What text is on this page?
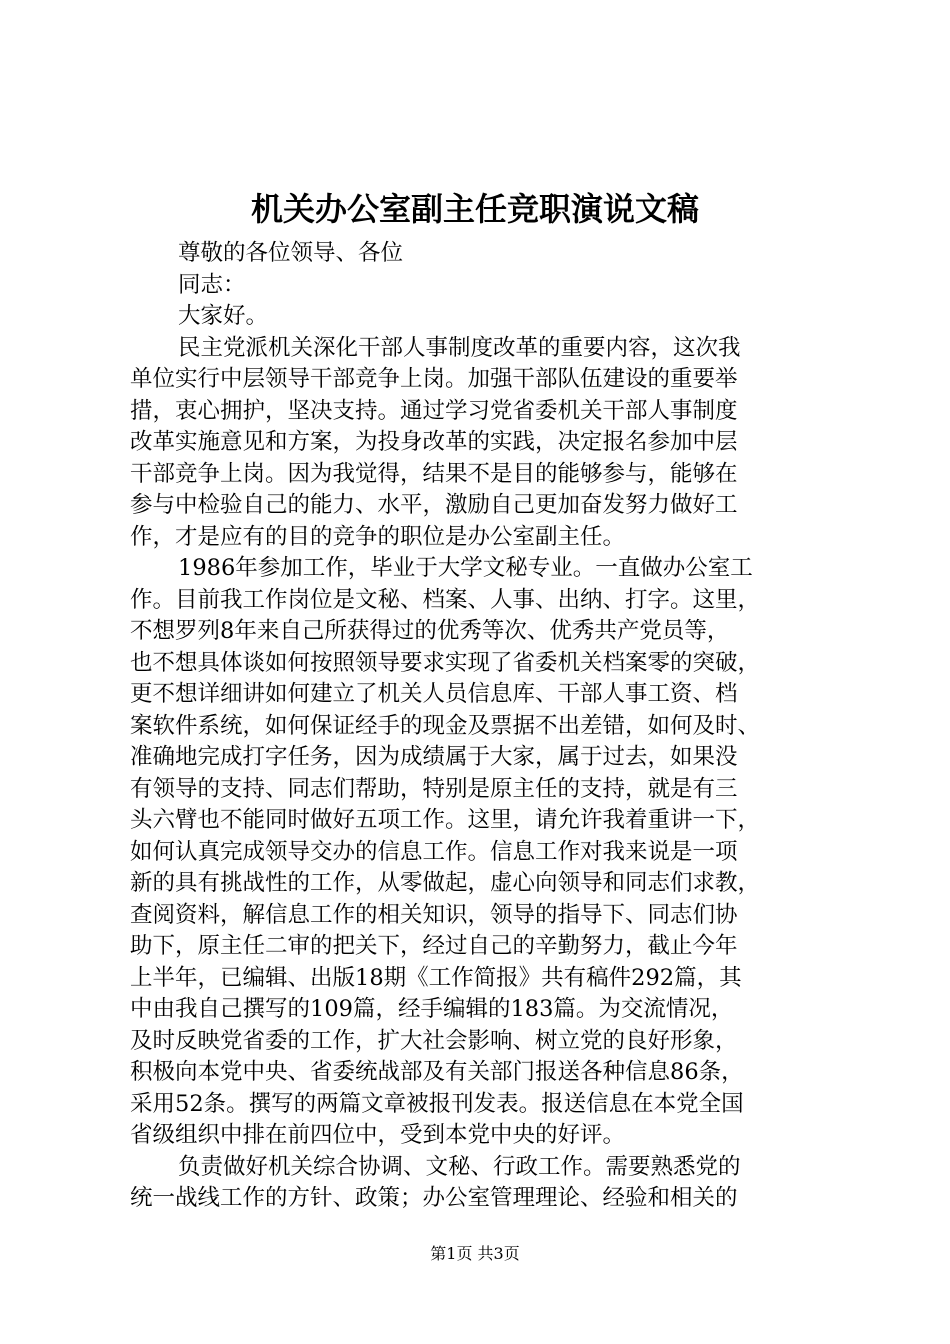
机关办公室副主任竞职演说文稿
尊敬的各位领导、各位
同志：
大家好。
民主党派机关深化干部人事制度改革的重要内容，这次我
单位实行中层领导干部竞争上岗。加强干部队伍建设的重要举
措，衷心拥护，坚决支持。通过学习党省委机关干部人事制度
改革实施意见和方案，为投身改革的实践，决定报名参加中层
干部竞争上岗。因为我觉得，结果不是目的能够参与，能够在
参与中检验自己的能力、水平，激励自己更加奋发努力做好工
作，才是应有的目的竞争的职位是办公室副主任。
1986年参加工作，毕业于大学文秘专业。一直做办公室工
作。目前我工作岗位是文秘、档案、人事、出纳、打字。这里，
不想罗列8年来自己所获得过的优秀等次、优秀共产党员等，
也不想具体谈如何按照领导要求实现了省委机关档案零的突破，
更不想详细讲如何建立了机关人员信息库、干部人事工资、档
案软件系统，如何保证经手的现金及票据不出差错，如何及时、
准确地完成打字任务，因为成绩属于大家，属于过去，如果没
有领导的支持、同志们帮助，特别是原主任的支持，就是有三
头六臂也不能同时做好五项工作。这里，请允许我着重讲一下，
如何认真完成领导交办的信息工作。信息工作对我来说是一项
新的具有挑战性的工作，从零做起，虚心向领导和同志们求教，
查阅资料，解信息工作的相关知识，领导的指导下、同志们协
助下，原主任二审的把关下，经过自己的辛勤努力，截止今年
上半年，已编辑、出版18期《工作简报》共有稿件292篇，其
中由我自己撰写的109篇，经手编辑的183篇。为交流情况，
及时反映党省委的工作，扩大社会影响、树立党的良好形象，
积极向本党中央、省委统战部及有关部门报送各种信息86条，
采用52条。撰写的两篇文章被报刊发表。报送信息在本党全国
省级组织中排在前四位中，受到本党中央的好评。
负责做好机关综合协调、文秘、行政工作。需要熟悉党的
统一战线工作的方针、政策；办公室管理理论、经验和相关的
第1页 共3页
